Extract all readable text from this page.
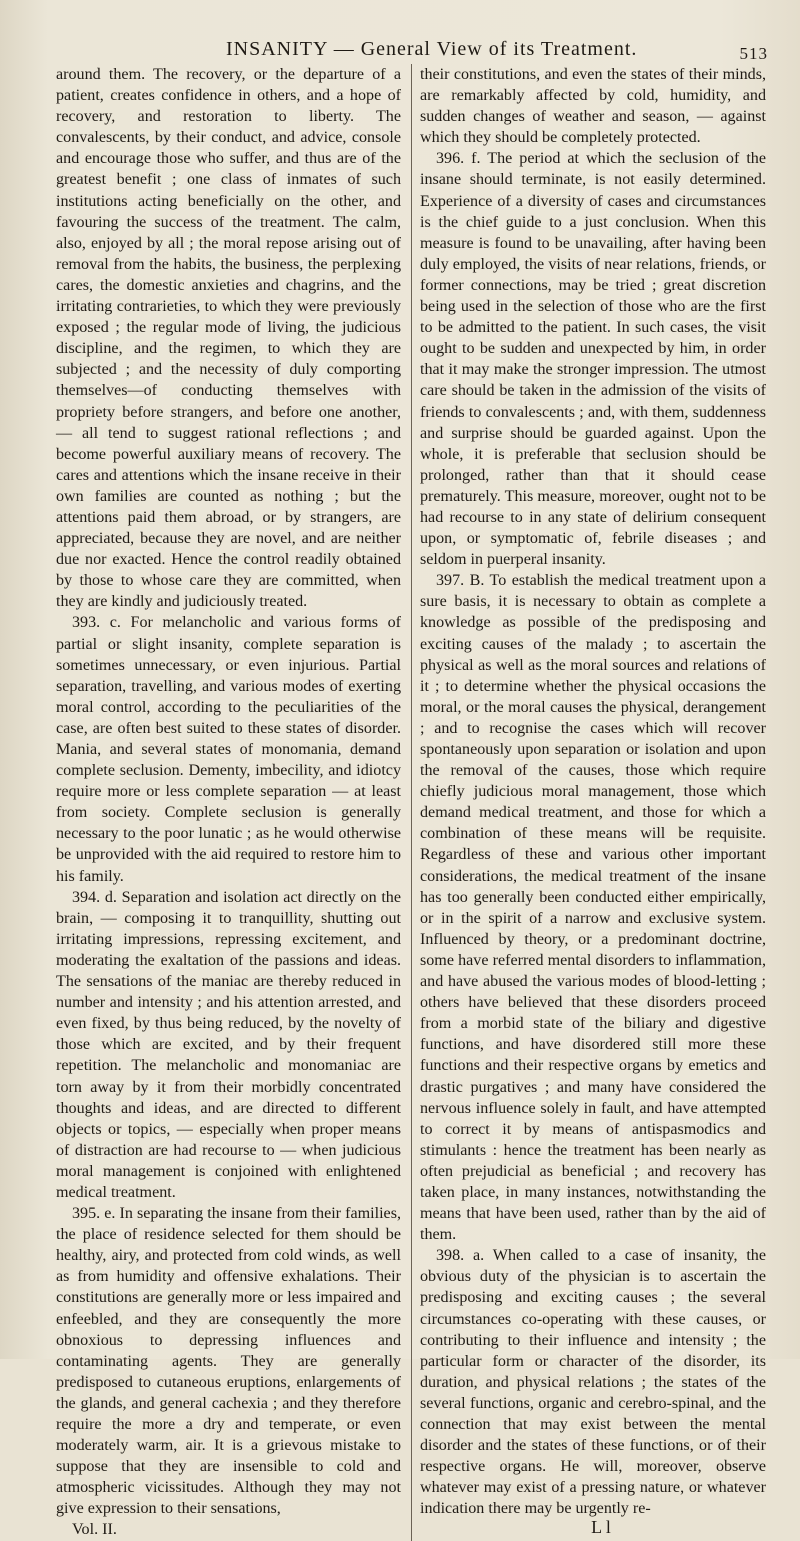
INSANITY — General View of its Treatment.	513

around them. The recovery, or the departure of a patient, creates confidence in others, and a hope of recovery, and restoration to liberty. The convalescents, by their conduct, and advice, console and encourage those who suffer, and thus are of the greatest benefit ; one class of inmates of such institutions acting beneficially on the other, and favouring the success of the treatment. The calm, also, enjoyed by all ; the moral repose arising out of removal from the habits, the business, the perplexing cares, the domestic anxieties and chagrins, and the irritating contrarieties, to which they were previously exposed ; the regular mode of living, the judicious discipline, and the regimen, to which they are subjected ; and the necessity of duly comporting themselves—of conducting themselves with propriety before strangers, and before one another, — all tend to suggest rational reflections ; and become powerful auxiliary means of recovery. The cares and attentions which the insane receive in their own families are counted as nothing ; but the attentions paid them abroad, or by strangers, are appreciated, because they are novel, and are neither due nor exacted. Hence the control readily obtained by those to whose care they are committed, when they are kindly and judiciously treated.

393. c. For melancholic and various forms of partial or slight insanity, complete separation is sometimes unnecessary, or even injurious. Partial separation, travelling, and various modes of exerting moral control, according to the peculiarities of the case, are often best suited to these states of disorder. Mania, and several states of monomania, demand complete seclusion. Dementy, imbecility, and idiotcy require more or less complete separation — at least from society. Complete seclusion is generally necessary to the poor lunatic ; as he would otherwise be unprovided with the aid required to restore him to his family.

394. d. Separation and isolation act directly on the brain, — composing it to tranquillity, shutting out irritating impressions, repressing excitement, and moderating the exaltation of the passions and ideas. The sensations of the maniac are thereby reduced in number and intensity ; and his attention arrested, and even fixed, by thus being reduced, by the novelty of those which are excited, and by their frequent repetition. The melancholic and monomaniac are torn away by it from their morbidly concentrated thoughts and ideas, and are directed to different objects or topics, — especially when proper means of distraction are had recourse to — when judicious moral management is conjoined with enlightened medical treatment.

395. e. In separating the insane from their families, the place of residence selected for them should be healthy, airy, and protected from cold winds, as well as from humidity and offensive exhalations. Their constitutions are generally more or less impaired and enfeebled, and they are consequently the more obnoxious to depressing influences and contaminating agents. They are generally predisposed to cutaneous eruptions, enlargements of the glands, and general cachexia ; and they therefore require the more a dry and temperate, or even moderately warm, air. It is a grievous mistake to suppose that they are insensible to cold and atmospheric vicissitudes. Although they may not give expression to their sensations,

Vol. II.

their constitutions, and even the states of their minds, are remarkably affected by cold, humidity, and sudden changes of weather and season, — against which they should be completely protected.

396. f. The period at which the seclusion of the insane should terminate, is not easily determined. Experience of a diversity of cases and circumstances is the chief guide to a just conclusion. When this measure is found to be unavailing, after having been duly employed, the visits of near relations, friends, or former connections, may be tried ; great discretion being used in the selection of those who are the first to be admitted to the patient. In such cases, the visit ought to be sudden and unexpected by him, in order that it may make the stronger impression. The utmost care should be taken in the admission of the visits of friends to convalescents ; and, with them, suddenness and surprise should be guarded against. Upon the whole, it is preferable that seclusion should be prolonged, rather than that it should cease prematurely. This measure, moreover, ought not to be had recourse to in any state of delirium consequent upon, or symptomatic of, febrile diseases ; and seldom in puerperal insanity.

397. B. To establish the medical treatment upon a sure basis, it is necessary to obtain as complete a knowledge as possible of the predisposing and exciting causes of the malady ; to ascertain the physical as well as the moral sources and relations of it ; to determine whether the physical occasions the moral, or the moral causes the physical, derangement ; and to recognise the cases which will recover spontaneously upon separation or isolation and upon the removal of the causes, those which require chiefly judicious moral management, those which demand medical treatment, and those for which a combination of these means will be requisite. Regardless of these and various other important considerations, the medical treatment of the insane has too generally been conducted either empirically, or in the spirit of a narrow and exclusive system. Influenced by theory, or a predominant doctrine, some have referred mental disorders to inflammation, and have abused the various modes of blood-letting ; others have believed that these disorders proceed from a morbid state of the biliary and digestive functions, and have disordered still more these functions and their respective organs by emetics and drastic purgatives ; and many have considered the nervous influence solely in fault, and have attempted to correct it by means of antispasmodics and stimulants : hence the treatment has been nearly as often prejudicial as beneficial ; and recovery has taken place, in many instances, notwithstanding the means that have been used, rather than by the aid of them.

398. a. When called to a case of insanity, the obvious duty of the physician is to ascertain the predisposing and exciting causes ; the several circumstances co-operating with these causes, or contributing to their influence and intensity ; the particular form or character of the disorder, its duration, and physical relations ; the states of the several functions, organic and cerebro-spinal, and the connection that may exist between the mental disorder and the states of these functions, or of their respective organs. He will, moreover, observe whatever may exist of a pressing nature, or whatever indication there may be urgently re-

L l
